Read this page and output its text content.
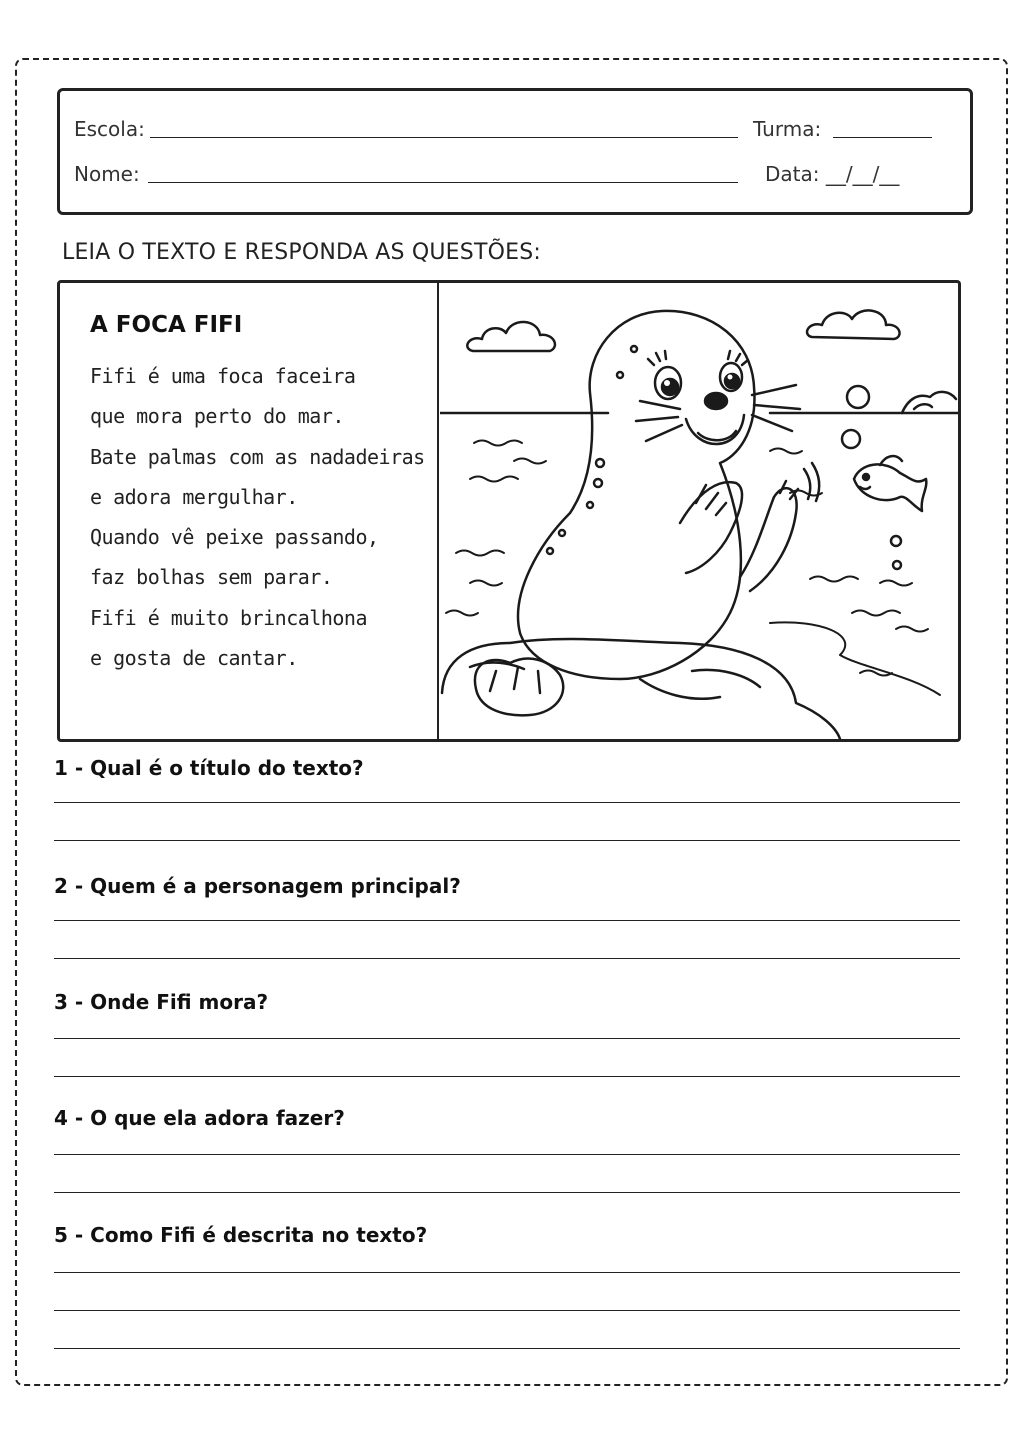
Escola:	Turma:
Nome:	Data: __/__/__
LEIA O TEXTO E RESPONDA AS QUESTÕES:
A FOCA FIFI
Fifi é uma foca faceira
que mora perto do mar.
Bate palmas com as nadadeiras
e adora mergulhar.
Quando vê peixe passando,
faz bolhas sem parar.
Fifi é muito brincalhona
e gosta de cantar.
1 - Qual é o título do texto?
2 - Quem é a personagem principal?
3 - Onde Fifi mora?
4 - O que ela adora fazer?
5 - Como Fifi é descrita no texto?
